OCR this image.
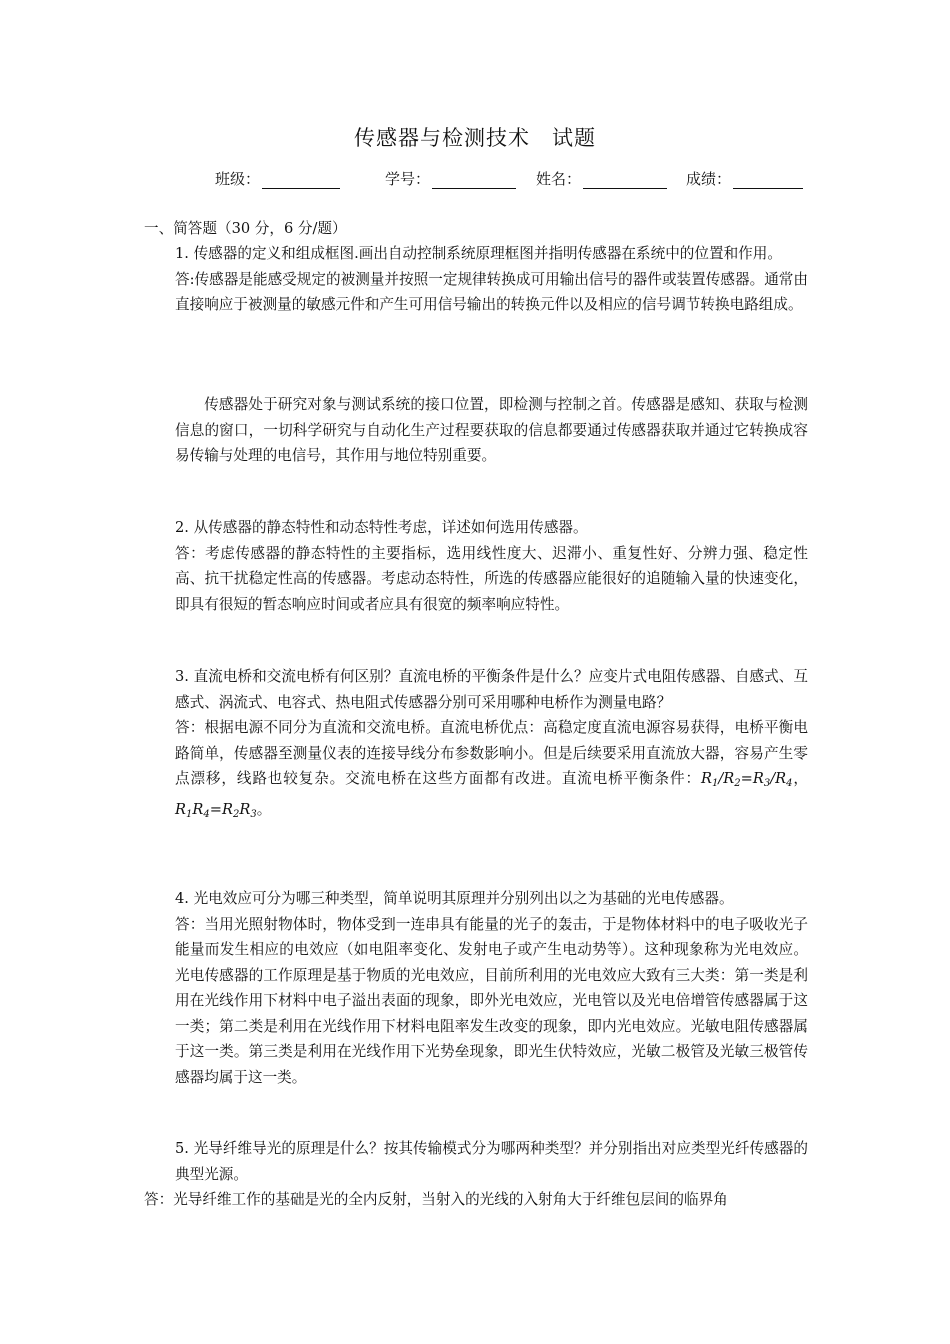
传感器与检测技术　试题
班级：	学号：	姓名：	成绩：
一、简答题（30 分，6 分/题）

1. 传感器的定义和组成框图.画出自动控制系统原理框图并指明传感器在系统中的位置和作用。

答:传感器是能感受规定的被测量并按照一定规律转换成可用输出信号的器件或装置传感器。通常由直接响应于被测量的敏感元件和产生可用信号输出的转换元件以及相应的信号调节转换电路组成。

传感器处于研究对象与测试系统的接口位置，即检测与控制之首。传感器是感知、获取与检测信息的窗口，一切科学研究与自动化生产过程要获取的信息都要通过传感器获取并通过它转换成容易传输与处理的电信号，其作用与地位特别重要。

2. 从传感器的静态特性和动态特性考虑，详述如何选用传感器。

答：考虑传感器的静态特性的主要指标，选用线性度大、迟滞小、重复性好、分辨力强、稳定性高、抗干扰稳定性高的传感器。考虑动态特性，所选的传感器应能很好的追随输入量的快速变化，即具有很短的暂态响应时间或者应具有很宽的频率响应特性。

3. 直流电桥和交流电桥有何区别？直流电桥的平衡条件是什么？应变片式电阻传感器、自感式、互感式、涡流式、电容式、热电阻式传感器分别可采用哪种电桥作为测量电路？

答：根据电源不同分为直流和交流电桥。直流电桥优点：高稳定度直流电源容易获得，电桥平衡电路简单，传感器至测量仪表的连接导线分布参数影响小。但是后续要采用直流放大器，容易产生零点漂移，线路也较复杂。交流电桥在这些方面都有改进。直流电桥平衡条件：$R_1/R_2=R_3/R_4$，$R_1R_4=R_2R_3$。

4. 光电效应可分为哪三种类型，简单说明其原理并分别列出以之为基础的光电传感器。

答：当用光照射物体时，物体受到一连串具有能量的光子的轰击，于是物体材料中的电子吸收光子能量而发生相应的电效应（如电阻率变化、发射电子或产生电动势等）。这种现象称为光电效应。光电传感器的工作原理是基于物质的光电效应，目前所利用的光电效应大致有三大类：第一类是利用在光线作用下材料中电子溢出表面的现象，即外光电效应，光电管以及光电倍增管传感器属于这一类；第二类是利用在光线作用下材料电阻率发生改变的现象，即内光电效应。光敏电阻传感器属于这一类。第三类是利用在光线作用下光势垒现象，即光生伏特效应，光敏二极管及光敏三极管传感器均属于这一类。

5. 光导纤维导光的原理是什么？按其传输模式分为哪两种类型？并分别指出对应类型光纤传感器的典型光源。

答：光导纤维工作的基础是光的全内反射，当射入的光线的入射角大于纤维包层间的临界角
